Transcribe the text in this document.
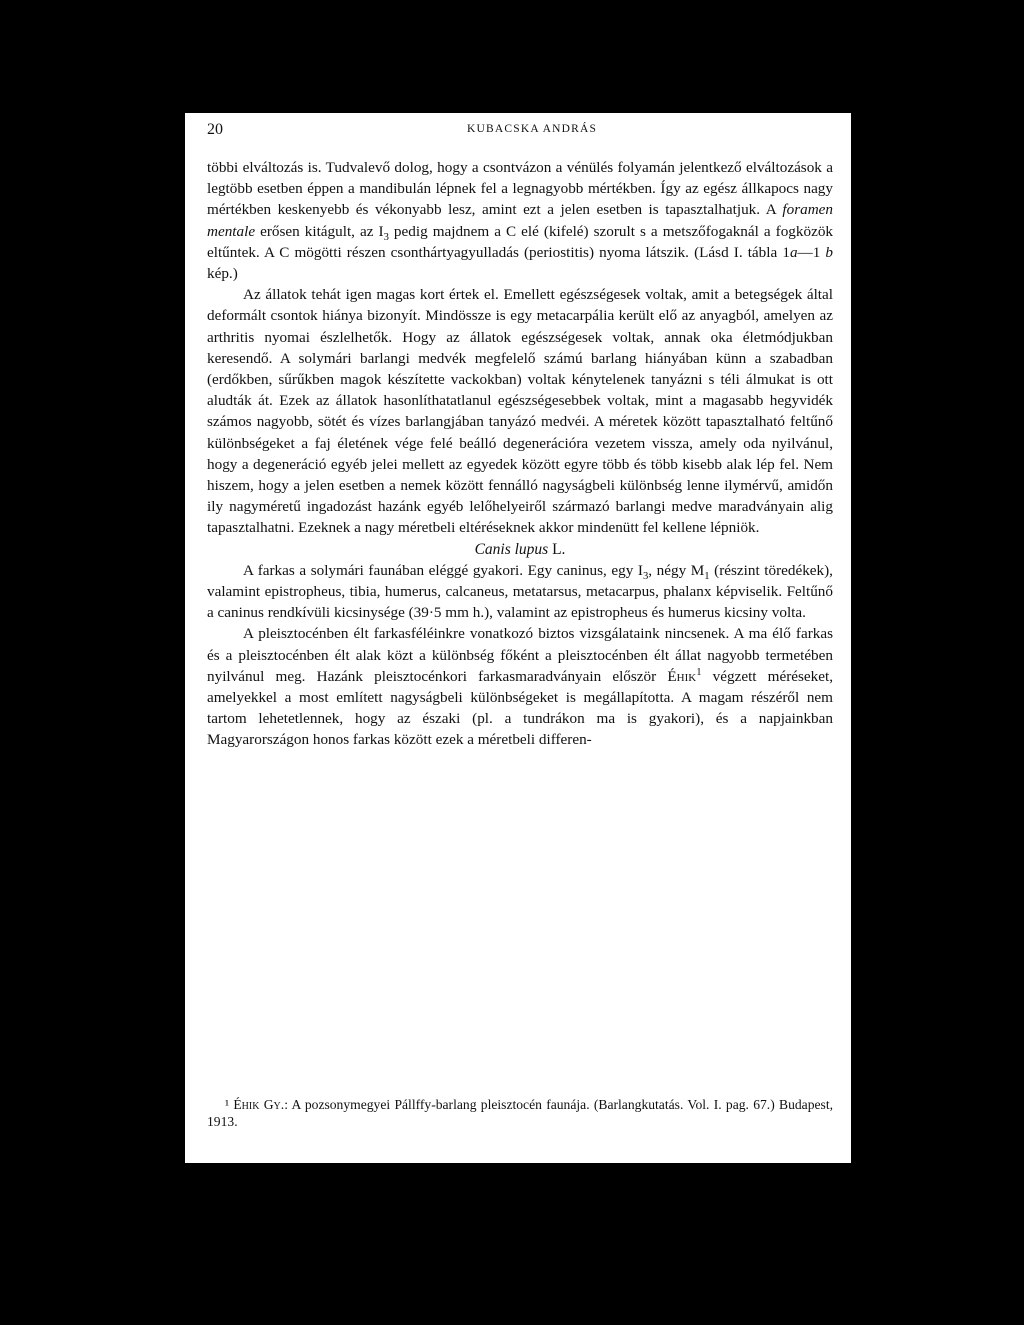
20	KUBACSKA ANDRÁS

többi elváltozás is. Tudvalevő dolog, hogy a csontvázon a vénülés folyamán jelentkező elváltozások a legtöbb esetben éppen a mandibulán lépnek fel a legnagyobb mértékben. Így az egész állkapocs nagy mértékben keskenyebb és vékonyabb lesz, amint ezt a jelen esetben is tapasztalhatjuk. A foramen mentale erősen kitágult, az $I_3$ pedig majdnem a C elé (kifelé) szorult s a metszőfogaknál a fogközök eltűntek. A C mögötti részen csonthártyagyulladás (periostitis) nyoma látszik. (Lásd I. tábla 1a—1 b kép.)

Az állatok tehát igen magas kort értek el. Emellett egészségesek voltak, amit a betegségek által deformált csontok hiánya bizonyít. Mindössze is egy metacarpália került elő az anyagból, amelyen az arthritis nyomai észlelhetők. Hogy az állatok egészségesek voltak, annak oka életmódjukban keresendő. A solymári barlangi medvék megfelelő számú barlang hiányában künn a szabadban (erdőkben, sűrűkben magok készítette vackokban) voltak kénytelenek tanyázni s téli álmukat is ott aludták át. Ezek az állatok hasonlíthatatlanul egészségesebbek voltak, mint a magasabb hegyvidék számos nagyobb, sötét és vízes barlangjában tanyázó medvéi. A méretek között tapasztalható feltűnő különbségeket a faj életének vége felé beálló degenerációra vezetem vissza, amely oda nyilvánul, hogy a degeneráció egyéb jelei mellett az egyedek között egyre több és több kisebb alak lép fel. Nem hiszem, hogy a jelen esetben a nemek között fennálló nagyságbeli különbség lenne ilymérvű, amidőn ily nagyméretű ingadozást hazánk egyéb lelőhelyeiről származó barlangi medve maradványain alig tapasztalhatni. Ezeknek a nagy méretbeli eltéréseknek akkor mindenütt fel kellene lépniök.

Canis lupus L.

A farkas a solymári faunában eléggé gyakori. Egy caninus, egy $I_3$, négy $M_1$ (részint töredékek), valamint epistropheus, tibia, humerus, calcaneus, metatarsus, metacarpus, phalanx képviselik. Feltűnő a caninus rendkívüli kicsinysége (39·5 mm h.), valamint az epistropheus és humerus kicsiny volta.

A pleisztocénben élt farkasféléinkre vonatkozó biztos vizsgálataink nincsenek. A ma élő farkas és a pleisztocénben élt alak közt a különbség főként a pleisztocénben élt állat nagyobb termetében nyilvánul meg. Hazánk pleisztocénkori farkasmaradványain először Éhik$^1$ végzett méréseket, amelyekkel a most említett nagyságbeli különbségeket is megállapította. A magam részéről nem tartom lehetetlennek, hogy az északi (pl. a tundrákon ma is gyakori), és a napjainkban Magyarországon honos farkas között ezek a méretbeli differen-

¹ Éhik Gy.: A pozsonymegyei Pállffy-barlang pleisztocén faunája. (Barlangkutatás. Vol. I. pag. 67.) Budapest, 1913.
